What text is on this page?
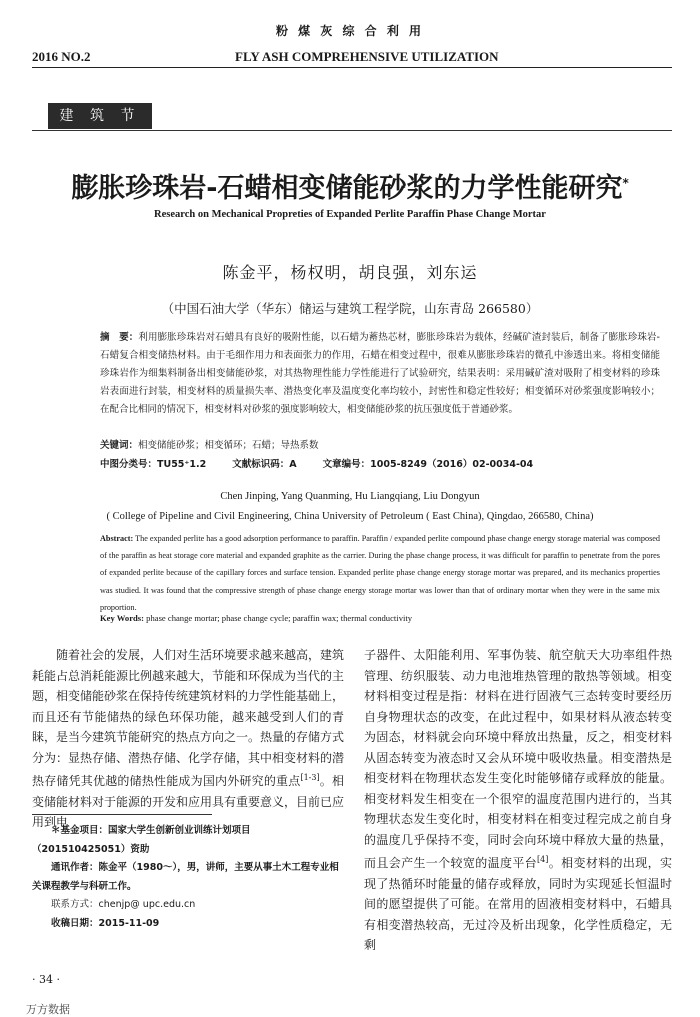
粉 煤 灰 综 合 利 用
2016 NO.2	FLY ASH COMPREHENSIVE UTILIZATION
建 筑 节 能
膨胀珍珠岩-石蜡相变储能砂浆的力学性能研究*
Research on Mechanical Propreties of Expanded Perlite Paraffin Phase Change Mortar
陈金平，杨权明，胡良强，刘东运
（中国石油大学（华东）储运与建筑工程学院，山东青岛 266580）
摘　要：利用膨胀珍珠岩对石蜡具有良好的吸附性能，以石蜡为蓄热芯材，膨胀珍珠岩为载体，经碱矿渣封装后，制备了膨胀珍珠岩-石蜡复合相变储热材料。由于毛细作用力和表面张力的作用，石蜡在相变过程中，很难从膨胀珍珠岩的微孔中渗透出来。将相变储能珍珠岩作为细集料制备出相变储能砂浆，对其热物理性能力学性能进行了试验研究，结果表明：采用碱矿渣对吸附了相变材料的珍珠岩表面进行封装，相变材料的质量损失率、潜热变化率及温度变化率均较小，封密性和稳定性较好；相变循环对砂浆强度影响较小；在配合比相同的情况下，相变材料对砂浆的强度影响较大，相变储能砂浆的抗压强度低于普通砂浆。
关键词：相变储能砂浆；相变循环；石蜡；导热系数
中图分类号：TU55⁺1.2	文献标识码：A	文章编号：1005-8249（2016）02-0034-04
Chen Jinping, Yang Quanming, Hu Liangqiang, Liu Dongyun
( College of Pipeline and Civil Engineering, China University of Petroleum ( East China), Qingdao, 266580, China)
Abstract: The expanded perlite has a good adsorption performance to paraffin. Paraffin / expanded perlite compound phase change energy storage material was composed of the paraffin as heat storage core material and expanded graphite as the carrier. During the phase change process, it was difficult for paraffin to penetrate from the pores of expanded perlite because of the capillary forces and surface tension. Expanded perlite phase change energy storage mortar was prepared, and its mechanics properties was studied. It was found that the compressive strength of phase change energy storage mortar was lower than that of ordinary mortar when they were in the same mix proportion.
Key Words: phase change mortar; phase change cycle; paraffin wax; thermal conductivity

随着社会的发展，人们对生活环境要求越来越高，建筑耗能占总消耗能源比例越来越大，节能和环保成为当代的主题，相变储能砂浆在保持传统建筑材料的力学性能基础上，而且还有节能储热的绿色环保功能，越来越受到人们的青睐，是当今建筑节能研究的热点方向之一。热量的存储方式分为：显热存储、潜热存储、化学存储，其中相变材料的潜热存储凭其优越的储热性能成为国内外研究的重点[1-3]。相变储能材料对于能源的开发和应用具有重要意义，目前已应用到电

子器件、太阳能利用、军事伪装、航空航天大功率组件热管理、纺织服装、动力电池堆热管理的散热等领域。相变材料相变过程是指：材料在进行固液气三态转变时要经历自身物理状态的改变，在此过程中，如果材料从液态转变为固态，材料就会向环境中释放出热量，反之，相变材料从固态转变为液态时又会从环境中吸收热量。相变潜热是相变材料在物理状态发生变化时能够储存或释放的能量。相变材料发生相变在一个很窄的温度范围内进行的，当其物理状态发生变化时，相变材料在相变过程完成之前自身的温度几乎保持不变，同时会向环境中释放大量的热量，而且会产生一个较宽的温度平台[4]。相变材料的出现，实现了热循环时能量的储存或释放，同时为实现延长恒温时间的愿望提供了可能。在常用的固液相变材料中，石蜡具有相变潜热较高，无过冷及析出现象，化学性质稳定，无剩

＊基金项目：国家大学生创新创业训练计划项目（201510425051）资助
通讯作者：陈金平（1980～），男，讲师，主要从事土木工程专业相关课程教学与科研工作。
联系方式：chenjp@ upc.edu.cn
收稿日期：2015-11-09
· 34 ·
万方数据
